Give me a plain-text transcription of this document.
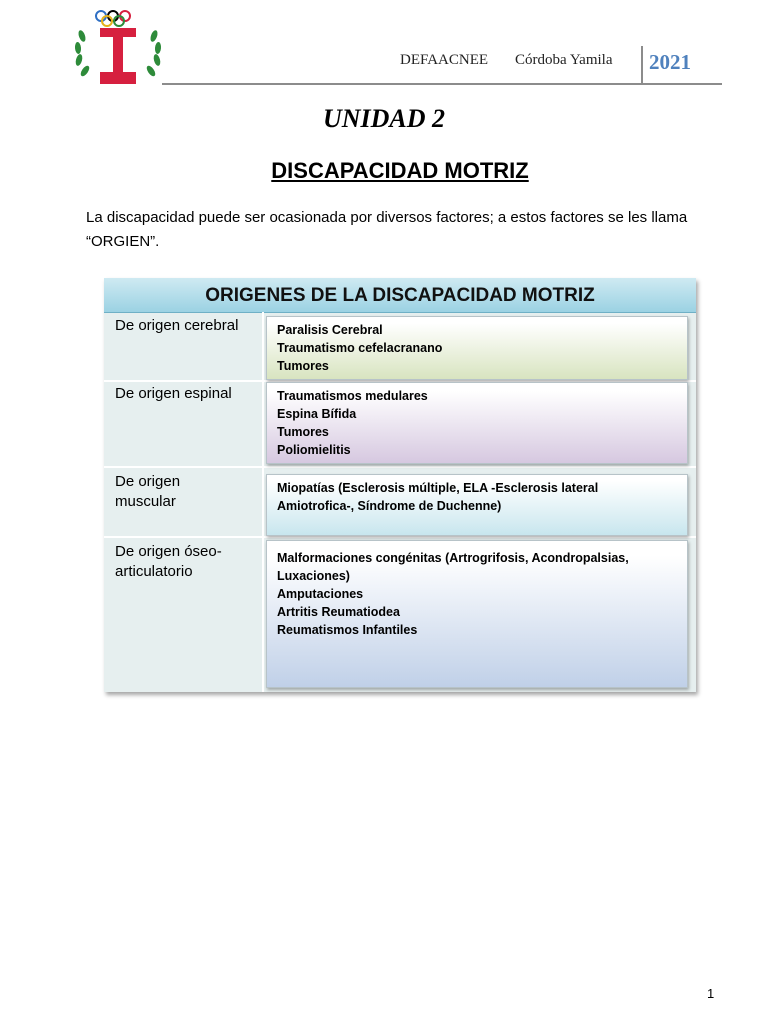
DEFAACNEE Córdoba Yamila 2021
UNIDAD 2
DISCAPACIDAD MOTRIZ
La discapacidad puede ser ocasionada por diversos factores; a estos factores se les llama “ORGIEN”.
ORIGENES DE LA DISCAPACIDAD MOTRIZ
De origen cerebral	Paralisis Cerebral
Traumatismo cefelacranano
Tumores
De origen espinal	Traumatismos medulares
Espina Bífida
Tumores
Poliomielitis
De origen muscular
Miopatías (Esclerosis múltiple, ELA -Esclerosis lateral Amiotrofica-, Síndrome de Duchenne)
De origen óseo-articulatorio
Malformaciones congénitas (Artrogrifosis, Acondropalsias, Luxaciones)
Amputaciones
Artritis Reumatiodea
Reumatismos Infantiles
1
